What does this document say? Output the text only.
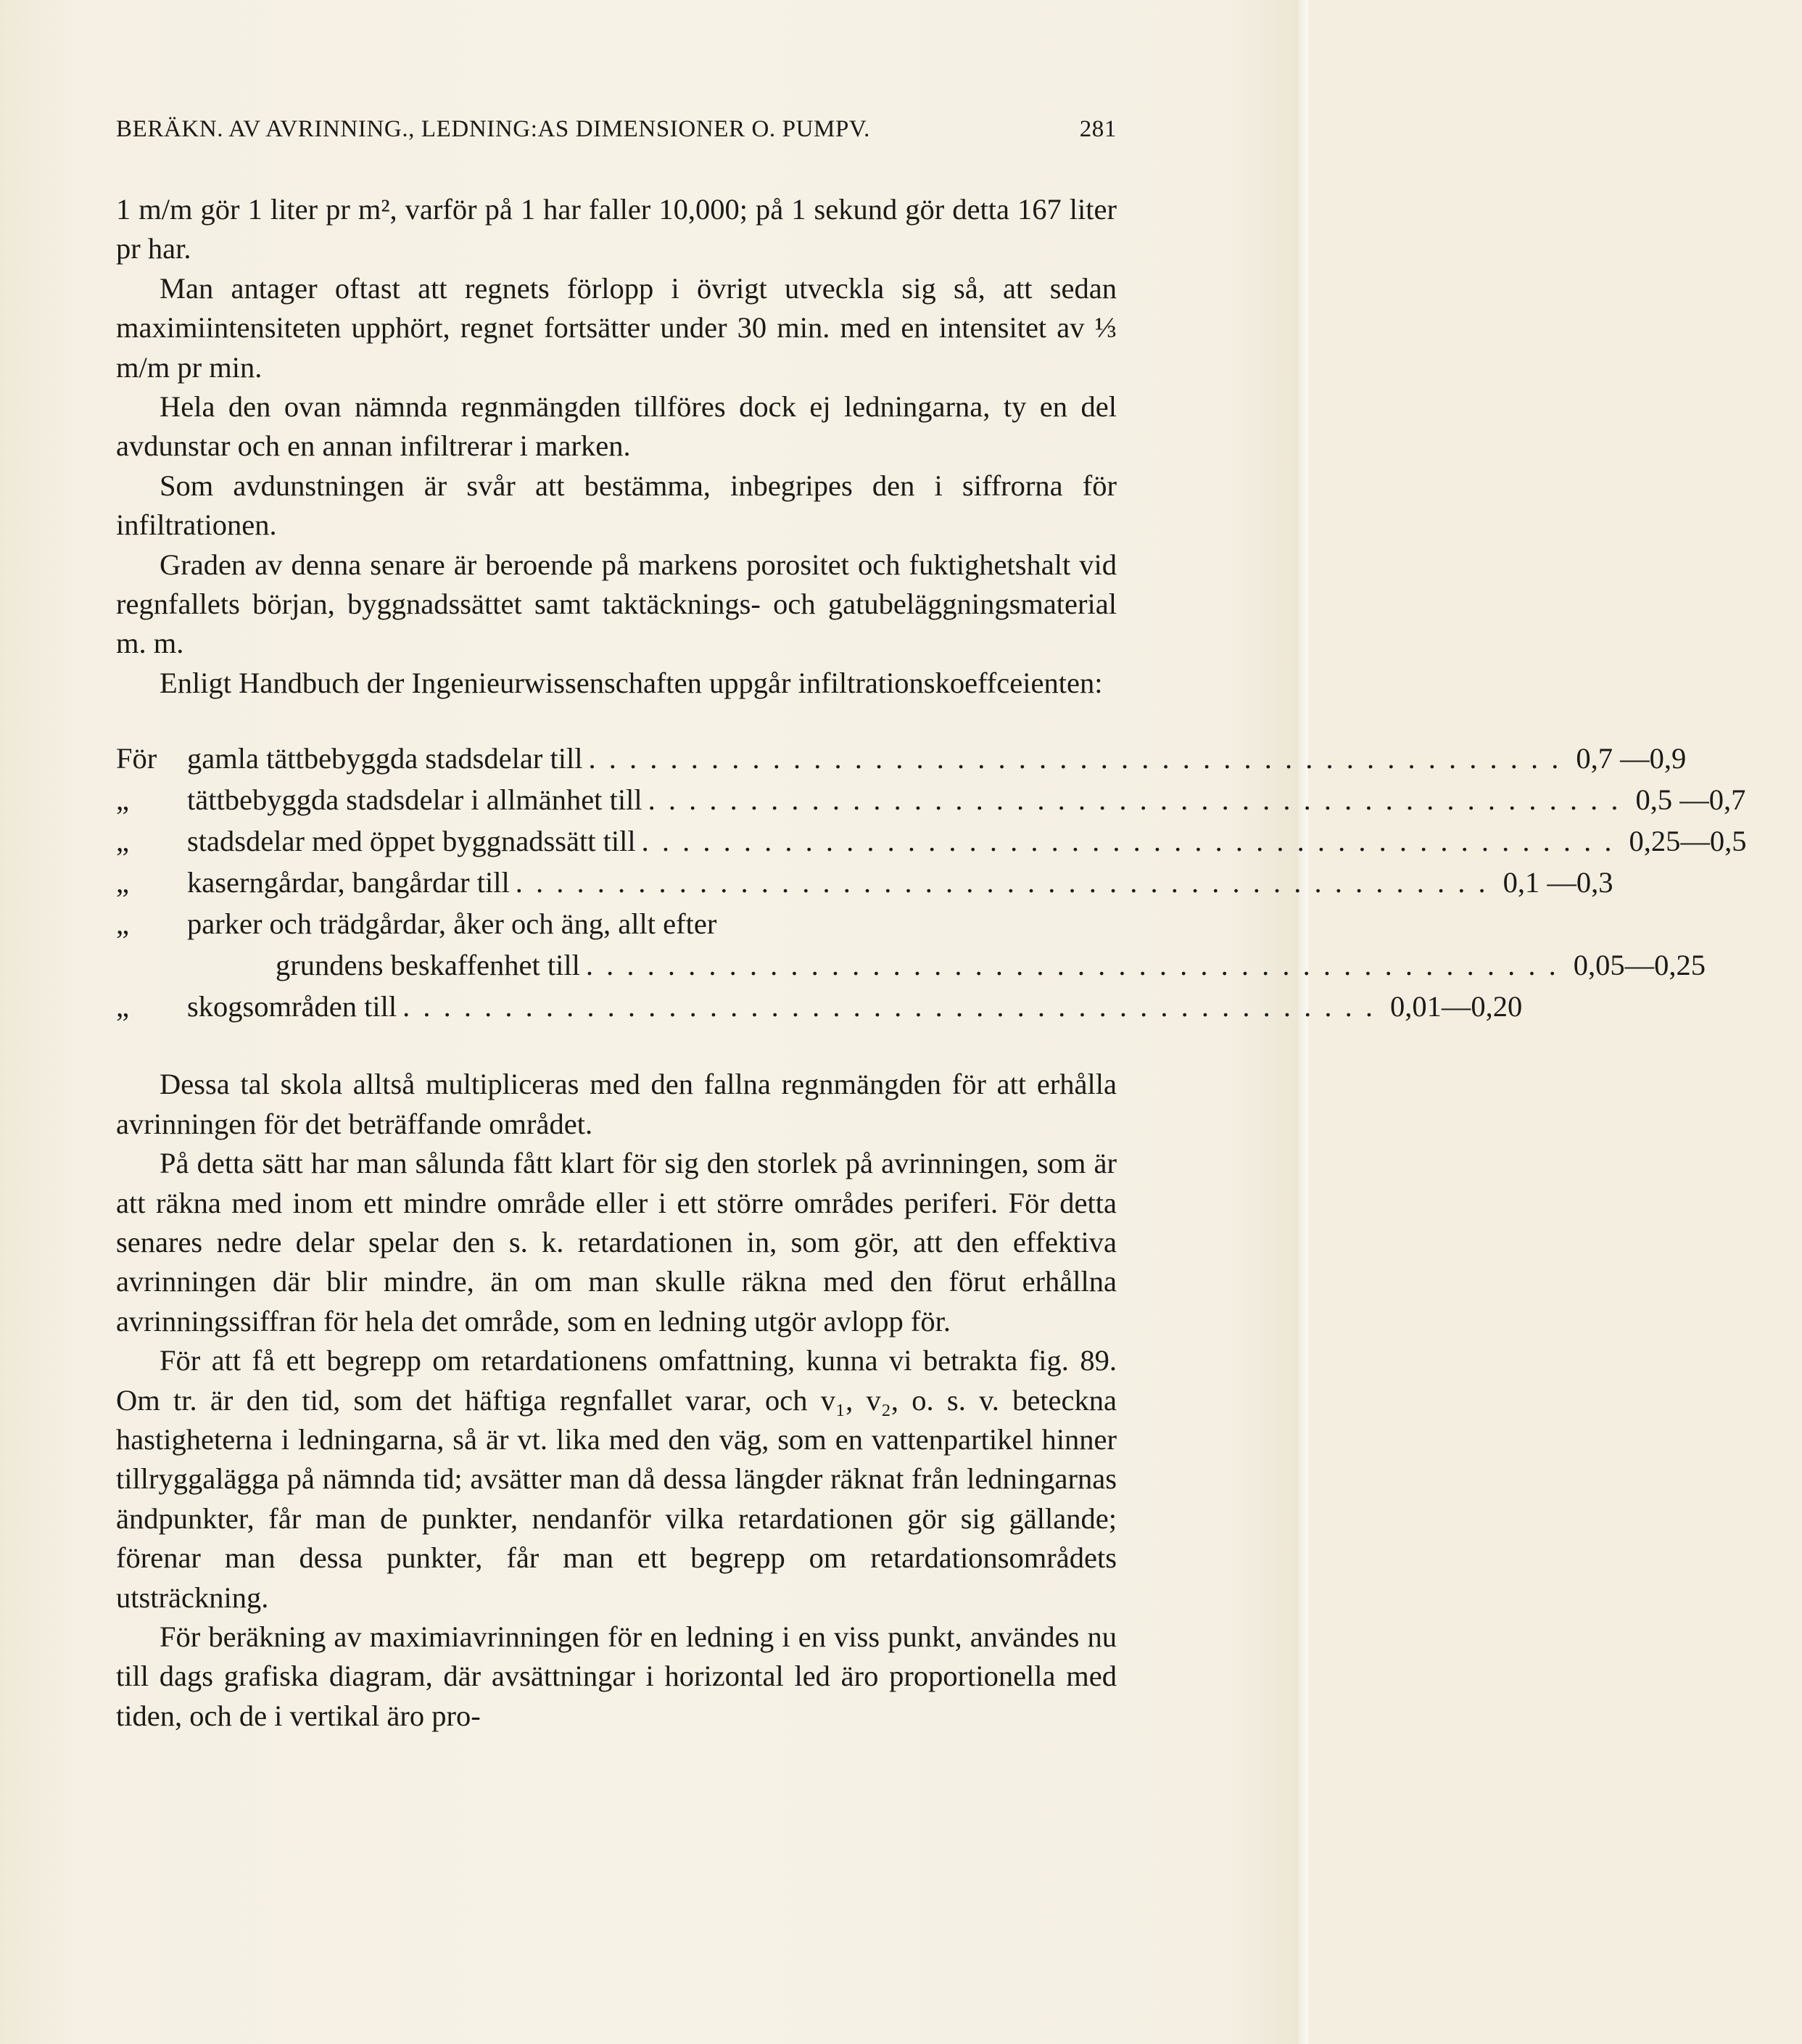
BERÄKN. AV AVRINNING., LEDNING:AS DIMENSIONER O. PUMPV.	281

1 m/m gör 1 liter pr m², varför på 1 har faller 10,000; på 1 sekund gör detta 167 liter pr har.

Man antager oftast att regnets förlopp i övrigt utveckla sig så, att sedan maximiintensiteten upphört, regnet fortsätter under 30 min. med en intensitet av ⅓ m/m pr min.

Hela den ovan nämnda regnmängden tillföres dock ej ledningarna, ty en del avdunstar och en annan infiltrerar i marken.

Som avdunstningen är svår att bestämma, inbegripes den i siffrorna för infiltrationen.

Graden av denna senare är beroende på markens porositet och fuktighetshalt vid regnfallets början, byggnadssättet samt taktäcknings- och gatubeläggningsmaterial m. m.

Enligt Handbuch der Ingenieurwissenschaften uppgår infiltrationskoeffceienten:

För	gamla tättbebyggda stadsdelar till . . . . . . . . . . . . . . . . . . . . . . . . . . . . . . . . . . . . . . . . . . . . . . . . 0,7 —0,9
„	tättbebyggda stadsdelar i allmänhet till . . . . . . . . . . . . . . . . . . . . . . . . . . . . . . . . . . . . . . . . . . . . . . . . 0,5 —0,7
„	stadsdelar med öppet byggnadssätt till . . . . . . . . . . . . . . . . . . . . . . . . . . . . . . . . . . . . . . . . . . . . . . . . 0,25—0,5
„	kaserngårdar, bangårdar till . . . . . . . . . . . . . . . . . . . . . . . . . . . . . . . . . . . . . . . . . . . . . . . . 0,1 —0,3
„	parker och trädgårdar, åker och äng, allt efter
grundens beskaffenhet till . . . . . . . . . . . . . . . . . . . . . . . . . . . . . . . . . . . . . . . . . . . . . . . . 0,05—0,25
„	skogsområden till . . . . . . . . . . . . . . . . . . . . . . . . . . . . . . . . . . . . . . . . . . . . . . . . 0,01—0,20

Dessa tal skola alltså multipliceras med den fallna regnmängden för att erhålla avrinningen för det beträffande området.

På detta sätt har man sålunda fått klart för sig den storlek på avrinningen, som är att räkna med inom ett mindre område eller i ett större områdes periferi. För detta senares nedre delar spelar den s. k. retardationen in, som gör, att den effektiva avrinningen där blir mindre, än om man skulle räkna med den förut erhållna avrinningssiffran för hela det område, som en ledning utgör avlopp för.

För att få ett begrepp om retardationens omfattning, kunna vi betrakta fig. 89. Om tr. är den tid, som det häftiga regnfallet varar, och v₁, v₂, o. s. v. beteckna hastigheterna i ledningarna, så är vt. lika med den väg, som en vattenpartikel hinner tillryggalägga på nämnda tid; avsätter man då dessa längder räknat från ledningarnas ändpunkter, får man de punkter, nendanför vilka retardationen gör sig gällande; förenar man dessa punkter, får man ett begrepp om retardationsområdets utsträckning.

För beräkning av maximiavrinningen för en ledning i en viss punkt, användes nu till dags grafiska diagram, där avsättningar i horizontal led äro proportionella med tiden, och de i vertikal äro pro-
